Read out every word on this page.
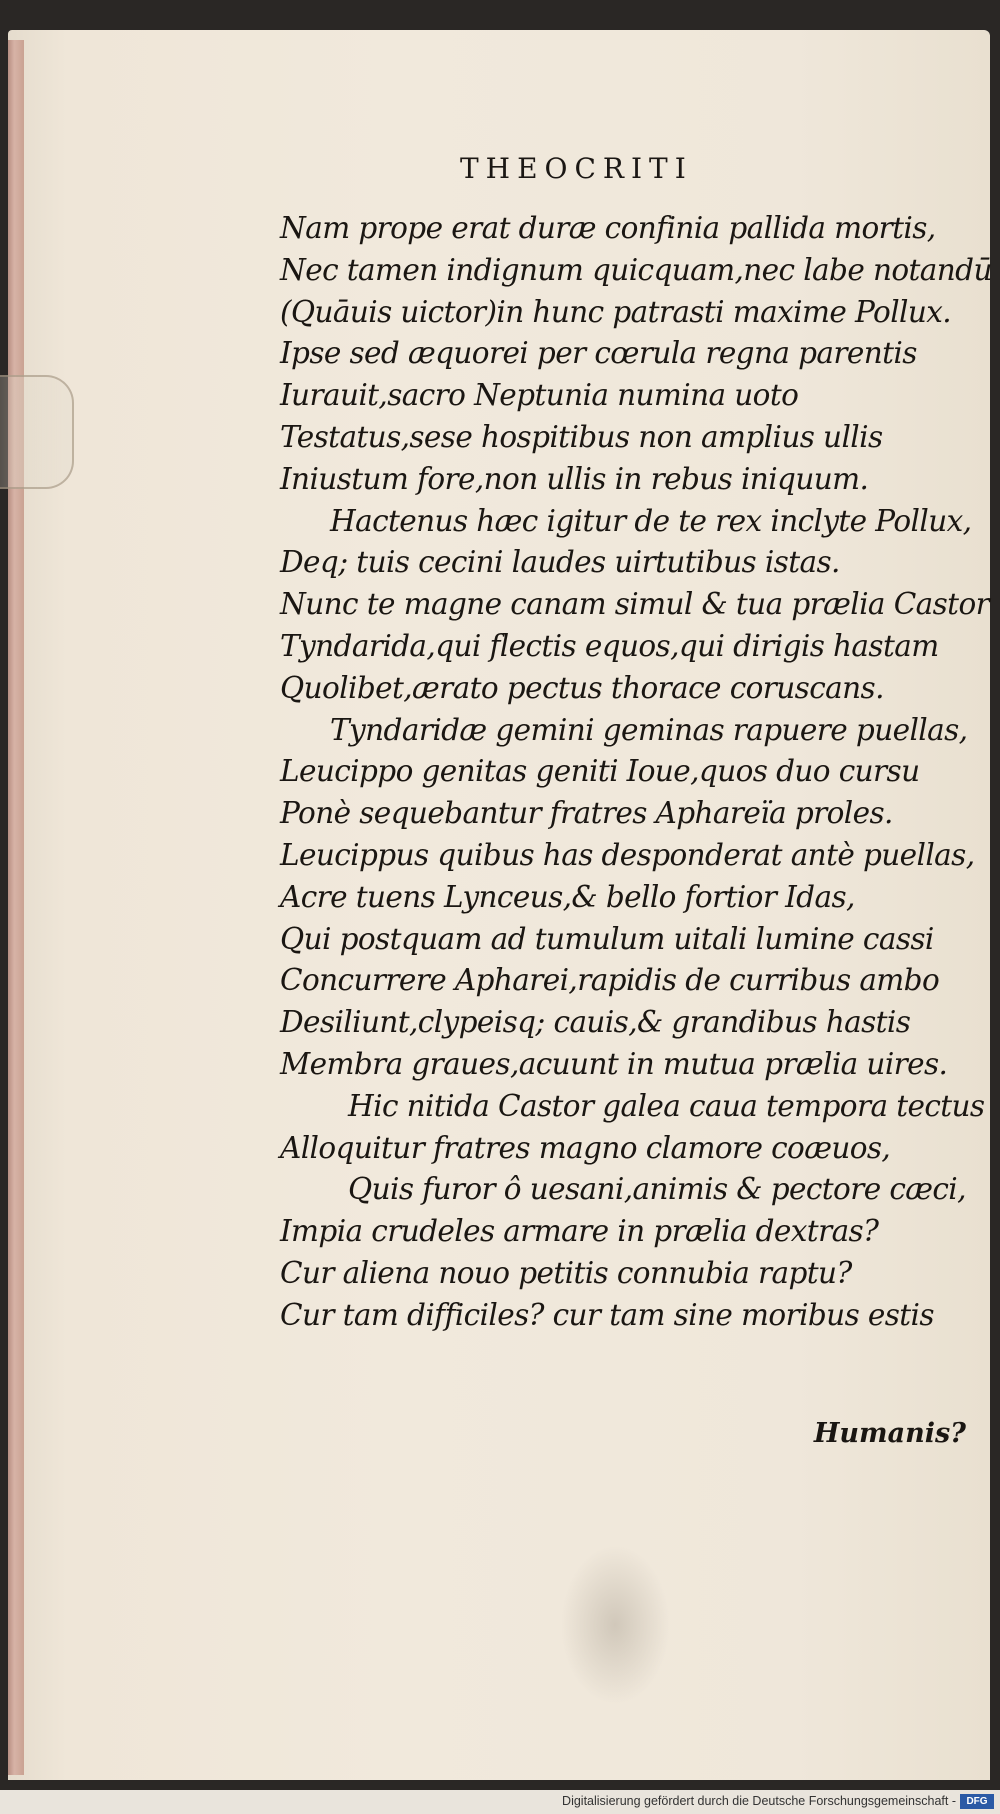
THEOCRITI
Nam prope erat duræ confinia pallida mortis,
Nec tamen indignum quicquam,nec labe notandū
(Quāuis uictor)in hunc patrasti maxime Pollux.
Ipse sed æquorei per cœrula regna parentis
Iurauit,sacro Neptunia numina uoto
Testatus,sese hospitibus non amplius ullis
Iniustum fore,non ullis in rebus iniquum.
Hactenus hæc igitur de te rex inclyte Pollux,
Deq; tuis cecini laudes uirtutibus istas.
Nunc te magne canam simul & tua prælia Castor
Tyndarida,qui flectis equos,qui dirigis hastam
Quolibet,ærato pectus thorace coruscans.
Tyndaridæ gemini geminas rapuere puellas,
Leucippo genitas geniti Ioue,quos duo cursu
Ponè sequebantur fratres Aphareïa proles.
Leucippus quibus has desponderat antè puellas,
Acre tuens Lynceus,& bello fortior Idas,
Qui postquam ad tumulum uitali lumine cassi
Concurrere Apharei,rapidis de curribus ambo
Desiliunt,clypeisq; cauis,& grandibus hastis
Membra graues,acuunt in mutua prælia uires.
Hic nitida Castor galea caua tempora tectus
Alloquitur fratres magno clamore coæuos,
Quis furor ô uesani,animis & pectore cæci,
Impia crudeles armare in prælia dextras?
Cur aliena nouo petitis connubia raptu?
Cur tam difficiles? cur tam sine moribus estis
Humanis?
Digitalisierung gefördert durch die Deutsche Forschungsgemeinschaft -	DFG
